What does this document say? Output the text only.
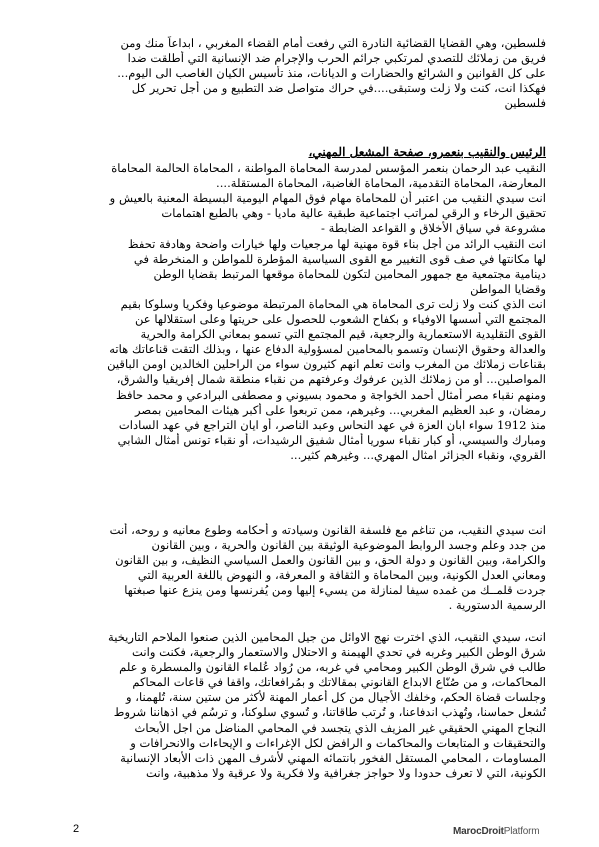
فلسطين، وهي القضايا القضائية النادرة التي رفعت أمام القضاء المغربي ، ابداعاً منك ومن
فريق من زملائك للتصدي لمرتكبي جرائم الحرب والإجرام ضد الإنسانية التي أطلقت ضدا
على كل القوانين و الشرائع والحضارات و الديانات، منذ تأسيس الكيان الغاصب الى اليوم...
فهكذا انت، كنت ولا زلت وستبقى....في حراك متواصل ضد التطبيع و من أجل تحرير كل
فلسطين
الرئيس والنقيب بنعمرو، صفحة المشعل المهني،

النقيب عبد الرحمان بنعمر المؤسس لمدرسة المحاماة المواطنة ، المحاماة الحالمة المحاماة
المعارضة، المحاماة التقدمية، المحاماة الغاضبة، المحاماة المستقلة....

انت سيدي النقيب من اعتبر أن للمحاماة مهام فوق المهام اليومية البسيطة المعنية بالعيش و
تحقيق الرخاء و الرقي لمراتب اجتماعية طبقية عالية ماديا - وهي بالطبع اهتمامات
مشروعة في سياق الأخلاق و القواعد الضابطة -

انت النقيب الرائد من أجل بناء قوة مهنية لها مرجعيات ولها خيارات واضحة وهادفة تحفظ
لها مكانتها في صف قوى التغيير مع القوى السياسية المؤطرة للمواطن و المنخرطة في
دينامية مجتمعية مع جمهور المحامين لتكون للمحاماة موقعها المرتبط بقضايا الوطن
وقضايا المواطن

انت الذي كنت ولا زلت ترى المحاماة هي المحاماة المرتبطة موضوعيا وفكريا وسلوكا بقيم
المجتمع التي أسسها الاوفياء و بكفاح الشعوب للحصول على حريتها وعلى استقلالها عن
القوى التقليدية الاستعمارية والرجعية، قيم المجتمع التي تسمو بمعاني الكرامة والحرية
والعدالة وحقوق الإنسان وتسمو بالمحامين لمسؤولية الدفاع عنها ، وبذلك التقت قناعاتك هاته
بقناعات زملائك من المغرب وانت تعلم انهم كثيرون سواء من الراحلين الخالدين اومن الباقين
المواصلين... أو من زملائك الذين عرفوك وعرفتهم من نقباء منطقة شمال إفريقيا والشرق،
ومنهم نقباء مصر أمثال أحمد الخواجة و محمود بسيوني و مصطفى البرادعي و محمد حافظ
رمضان، و عبد العظيم المغربي... وغيرهم، ممن تربعوا على أكبر هيئات المحامين بمصر
منذ 1912 سواء ابان العزة في عهد النحاس وعبد الناصر، أو ايان التراجع في عهد السادات
ومبارك والسيسي، أو كبار نقباء سوريا أمثال شفيق الرشيدات، أو نقباء تونس أمثال الشابي
القروي، ونقباء الجزائر امثال المهري... وغيرهم كثير...

انت سيدي النقيب، من تناغم مع فلسفة القانون وسيادته و أحكامه وطوع معانيه و روحه، أنت
من جدد وعلم وجسد الروابط الموضوعية الوثيقة بين القانون والحرية ، وبين القانون
والكرامة، وبين القانون و دولة الحق، و بين القانون والعمل السياسي النظيف، و بين القانون
ومعاني العدل الكونية، وبين المحاماة و الثقافة و المعرفة، و النهوض باللغة العربية التي
جردت قلمــك من غمده سيفا لمنازلة من يسيء إليها ومن يُفرنسها ومن ينزع عنها صبغتها
الرسمية الدستورية .
انت، سيدي النقيب، الذي اخترت نهج الاوائل من جيل المحامين الذين صنعوا الملاحم التاريخية
شرق الوطن الكبير وغربه في تحدي الهيمنة و الاحتلال والاستعمار والرجعية، فكنت وانت
طالب في شرق الوطن الكبير ومحامي في غربه، من رُواد عُلماء القانون والمسطرة و علم
المحاكمات، و من صُنّاع الابداع القانوني بمقالاتك و بمُرافعاتك، واقفا في قاعات المحاكم
وجلسات قضاة الحكم، وخلفك الأجيال من كل أعمار المهنة لأكثر من ستين سنة، تُلهمنا، و
تُشعل حماسنا، وتُهذب اندفاعنا، و تُرتب طاقاتنا، و تُسوي سلوكنا، و ترسُم في اذهاننا شروط
النجاح المهني الحقيقي غير المزيف الذي يتجسد في المحامي المناضل من اجل الأبحاث
والتحقيقات و المتابعات والمحاكمات و الرافض لكل الإغراءات و الإيحاءات والانحرافات و
المساومات ، المحامي المستقل الفخور بانتمائه المهني لأشرف المهن ذات الأبعاد الإنسانية
الكونية، التي لا تعرف حدودا ولا حواجز جغرافية ولا فكرية ولا عرقية ولا مذهبية، وانت
2	MarocDroitPlatform
